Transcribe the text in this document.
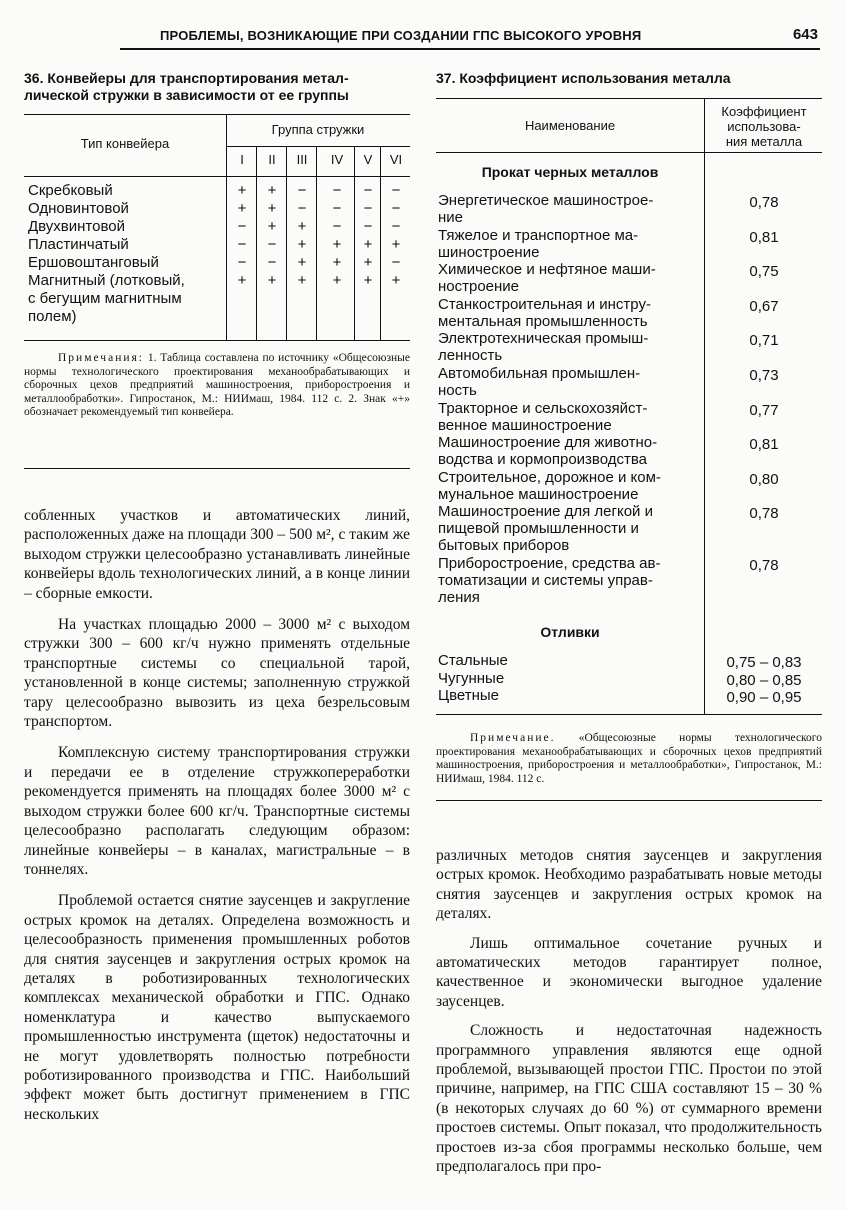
ПРОБЛЕМЫ, ВОЗНИКАЮЩИЕ ПРИ СОЗДАНИИ ГПС ВЫСОКОГО УРОВНЯ	643
36. Конвейеры для транспортирования метал-
лической стружки в зависимости от ее группы
Тип конвейера
Группа стружки
I	II	III	IV	V	VI
Скребковый	+	+	−	−	−	−
Одновинтовой	+	+	−	−	−	−
Двухвинтовой	−	+	+	−	−	−
Пластинчатый	−	−	+	+	+	+
Ершовоштанговый	−	−	+	+	+	−
Магнитный (лотковый,
с бегущим магнитным
полем)
+	+	+	+	+	+
Примечания: 1. Таблица составлена по источнику «Общесоюзные нормы технологического проектирования механообрабатывающих и сборочных цехов предприятий машиностроения, приборостроения и металлообработки». Гипростанок, М.: НИИмаш, 1984. 112 с. 2. Знак «+» обозначает рекомендуемый тип конвейера.

собленных участков и автоматических линий, расположенных даже на площади 300 – 500 м², с таким же выходом стружки целесообразно устанавливать линейные конвейеры вдоль технологических линий, а в конце линии – сборные емкости.

На участках площадью 2000 – 3000 м² с выходом стружки 300 – 600 кг/ч нужно применять отдельные транспортные системы со специальной тарой, установленной в конце системы; заполненную стружкой тару целесообразно вывозить из цеха безрельсовым транспортом.

Комплексную систему транспортирования стружки и передачи ее в отделение стружкопереработки рекомендуется применять на площадях более 3000 м² с выходом стружки более 600 кг/ч. Транспортные системы целесообразно располагать следующим образом: линейные конвейеры – в каналах, магистральные – в тоннелях.

Проблемой остается снятие заусенцев и закругление острых кромок на деталях. Определена возможность и целесообразность применения промышленных роботов для снятия заусенцев и закругления острых кромок на деталях в роботизированных технологических комплексах механической обработки и ГПС. Однако номенклатура и качество выпускаемого промышленностью инструмента (щеток) недостаточны и не могут удовлетворять полностью потребности роботизированного производства и ГПС. Наибольший эффект может быть достигнут применением в ГПС нескольких

37. Коэффициент использования металла
Наименование
Коэффициент
использова-
ния металла
Прокат черных металлов
Энергетическое машинострое-
ние
0,78
Тяжелое и транспортное ма-
шиностроение
0,81
Химическое и нефтяное маши-
ностроение
0,75
Станкостроительная и инстру-
ментальная промышленность
0,67
Электротехническая промыш-
ленность
0,71
Автомобильная промышлен-
ность
0,73
Тракторное и сельскохозяйст-
венное машиностроение
0,77
Машиностроение для животно-
водства и кормопроизводства
0,81
Строительное, дорожное и ком-
мунальное машиностроение
0,80
Машиностроение для легкой и
пищевой промышленности и
бытовых приборов
0,78
Приборостроение, средства ав-
томатизации и системы управ-
ления
0,78
Отливки
Стальные	0,75 – 0,83
Чугунные	0,80 – 0,85
Цветные	0,90 – 0,95
Примечание. «Общесоюзные нормы технологического проектирования механообрабатывающих и сборочных цехов предприятий машиностроения, приборостроения и металлообработки», Гипростанок, М.: НИИмаш, 1984. 112 с.

различных методов снятия заусенцев и закругления острых кромок. Необходимо разрабатывать новые методы снятия заусенцев и закругления острых кромок на деталях.

Лишь оптимальное сочетание ручных и автоматических методов гарантирует полное, качественное и экономически выгодное удаление заусенцев.

Сложность и недостаточная надежность программного управления являются еще одной проблемой, вызывающей простои ГПС. Простои по этой причине, например, на ГПС США составляют 15 – 30 % (в некоторых случаях до 60 %) от суммарного времени простоев системы. Опыт показал, что продолжительность простоев из-за сбоя программы несколько больше, чем предполагалось при про-
